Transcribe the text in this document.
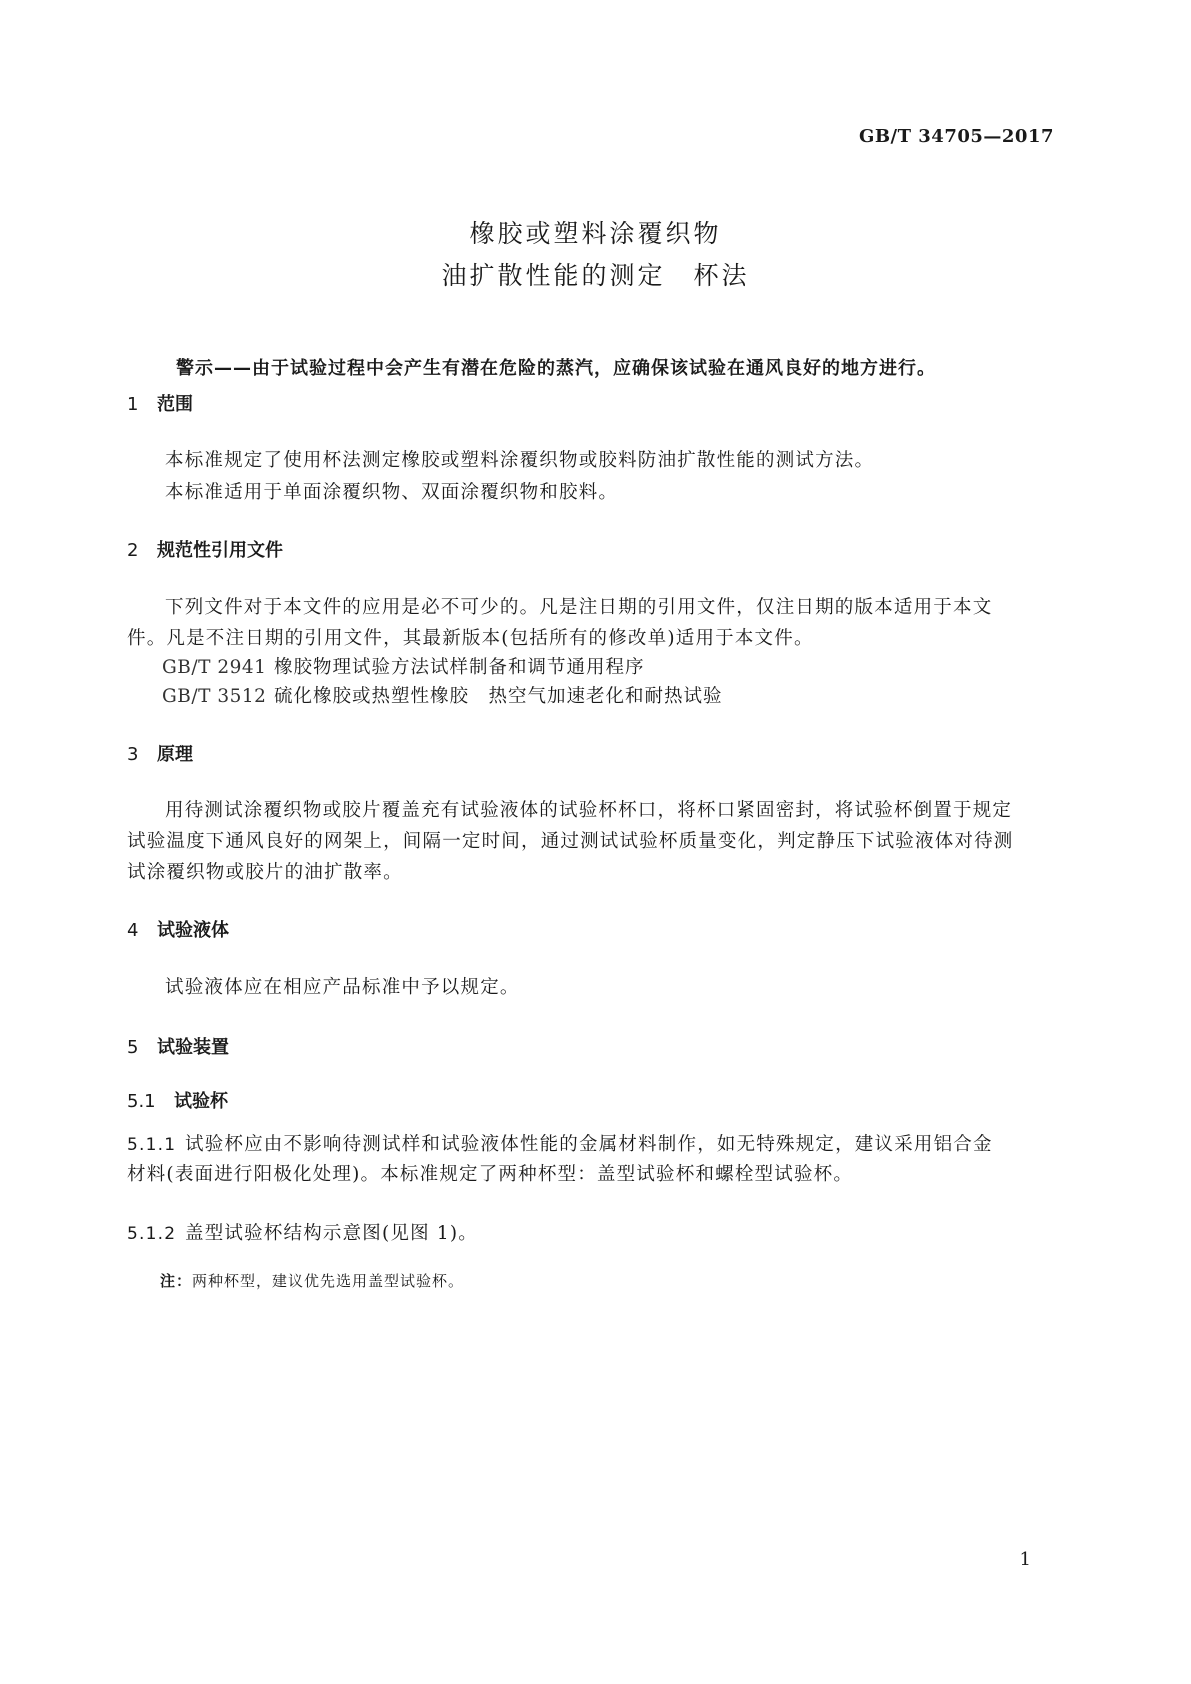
GB/T 34705—2017
橡胶或塑料涂覆织物
油扩散性能的测定　杯法
警示——由于试验过程中会产生有潜在危险的蒸汽，应确保该试验在通风良好的地方进行。
1 范围
本标准规定了使用杯法测定橡胶或塑料涂覆织物或胶料防油扩散性能的测试方法。
本标准适用于单面涂覆织物、双面涂覆织物和胶料。
2 规范性引用文件
下列文件对于本文件的应用是必不可少的。凡是注日期的引用文件，仅注日期的版本适用于本文
件。凡是不注日期的引用文件，其最新版本(包括所有的修改单)适用于本文件。
GB/T 2941 橡胶物理试验方法试样制备和调节通用程序
GB/T 3512 硫化橡胶或热塑性橡胶　热空气加速老化和耐热试验
3 原理
用待测试涂覆织物或胶片覆盖充有试验液体的试验杯杯口，将杯口紧固密封，将试验杯倒置于规定
试验温度下通风良好的网架上，间隔一定时间，通过测试试验杯质量变化，判定静压下试验液体对待测
试涂覆织物或胶片的油扩散率。
4 试验液体
试验液体应在相应产品标准中予以规定。
5 试验装置
5.1 试验杯
5.1.1 试验杯应由不影响待测试样和试验液体性能的金属材料制作，如无特殊规定，建议采用铝合金
材料(表面进行阳极化处理)。本标准规定了两种杯型：盖型试验杯和螺栓型试验杯。
注：两种杯型，建议优先选用盖型试验杯。
5.1.2 盖型试验杯结构示意图(见图 1)。
1
